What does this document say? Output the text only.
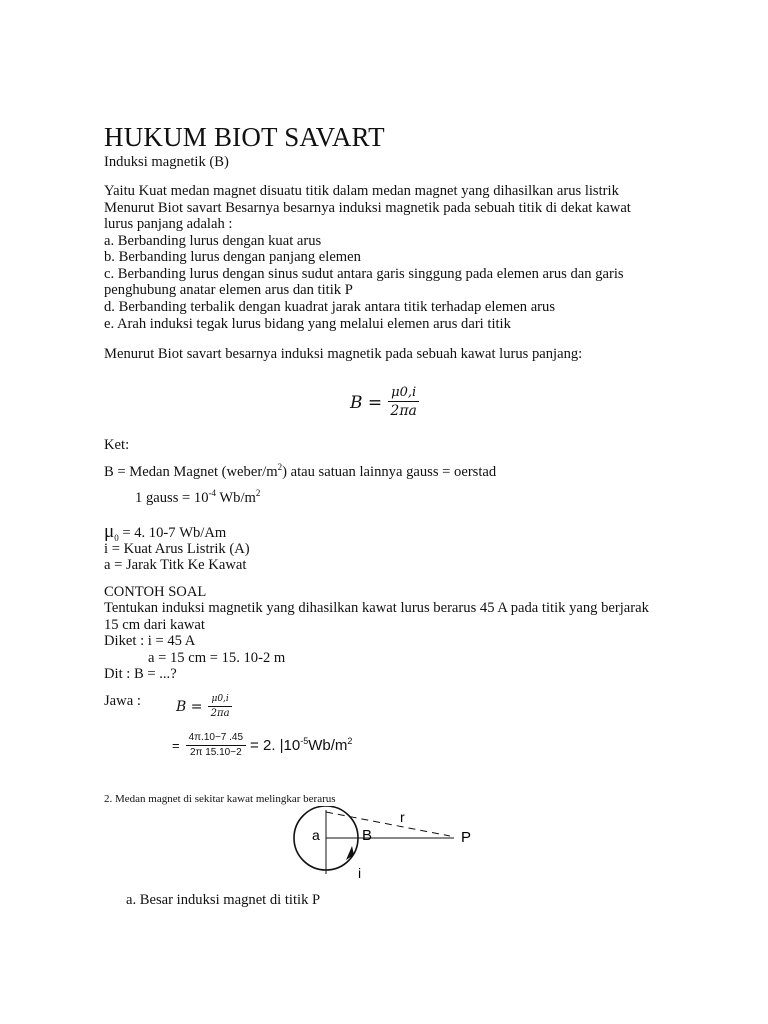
HUKUM BIOT SAVART
Induksi magnetik (B)
Yaitu Kuat medan magnet disuatu titik dalam medan magnet yang dihasilkan arus listrik
Menurut Biot savart Besarnya besarnya induksi magnetik pada sebuah titik di dekat kawat
lurus panjang adalah :
a. Berbanding lurus dengan kuat arus
b. Berbanding lurus dengan panjang elemen
c. Berbanding lurus dengan sinus sudut antara garis singgung pada elemen arus dan garis
penghubung anatar elemen arus dan titik P
d. Berbanding terbalik dengan kuadrat jarak antara titik terhadap elemen arus
e. Arah induksi tegak lurus bidang yang melalui elemen arus dari titik
Menurut Biot savart besarnya induksi magnetik pada sebuah kawat lurus panjang:
$B = \frac{\mu 0,i}{2\pi a}$
Ket:
B = Medan Magnet $(weber/m^2)$ atau satuan lainnya gauss = oerstad
1 gauss = $10^{-4}$ $Wb/m^2$
$\mu_0 = 4$. 10-7 Wb/Am
i = Kuat Arus Listrik (A)
a = Jarak Titk Ke Kawat
CONTOH SOAL
Tentukan induksi magnetik yang dihasilkan kawat lurus berarus 45 A pada titik yang berjarak
15 cm dari kawat
Diket : i = 45 A
a = 15 cm = 15. 10-2 m
Dit : B = ...?
Jawa :	$B = \frac{\mu 0,i}{2\pi a}$
= $\frac{4\pi.10-7 .45}{2\pi 15.10-2} = 2$. $|10^{-5}Wb/m^2$
2. Medan magnet di sekitar kawat melingkar berarus
a	B
r
P
i
a. Besar induksi magnet di titik P
